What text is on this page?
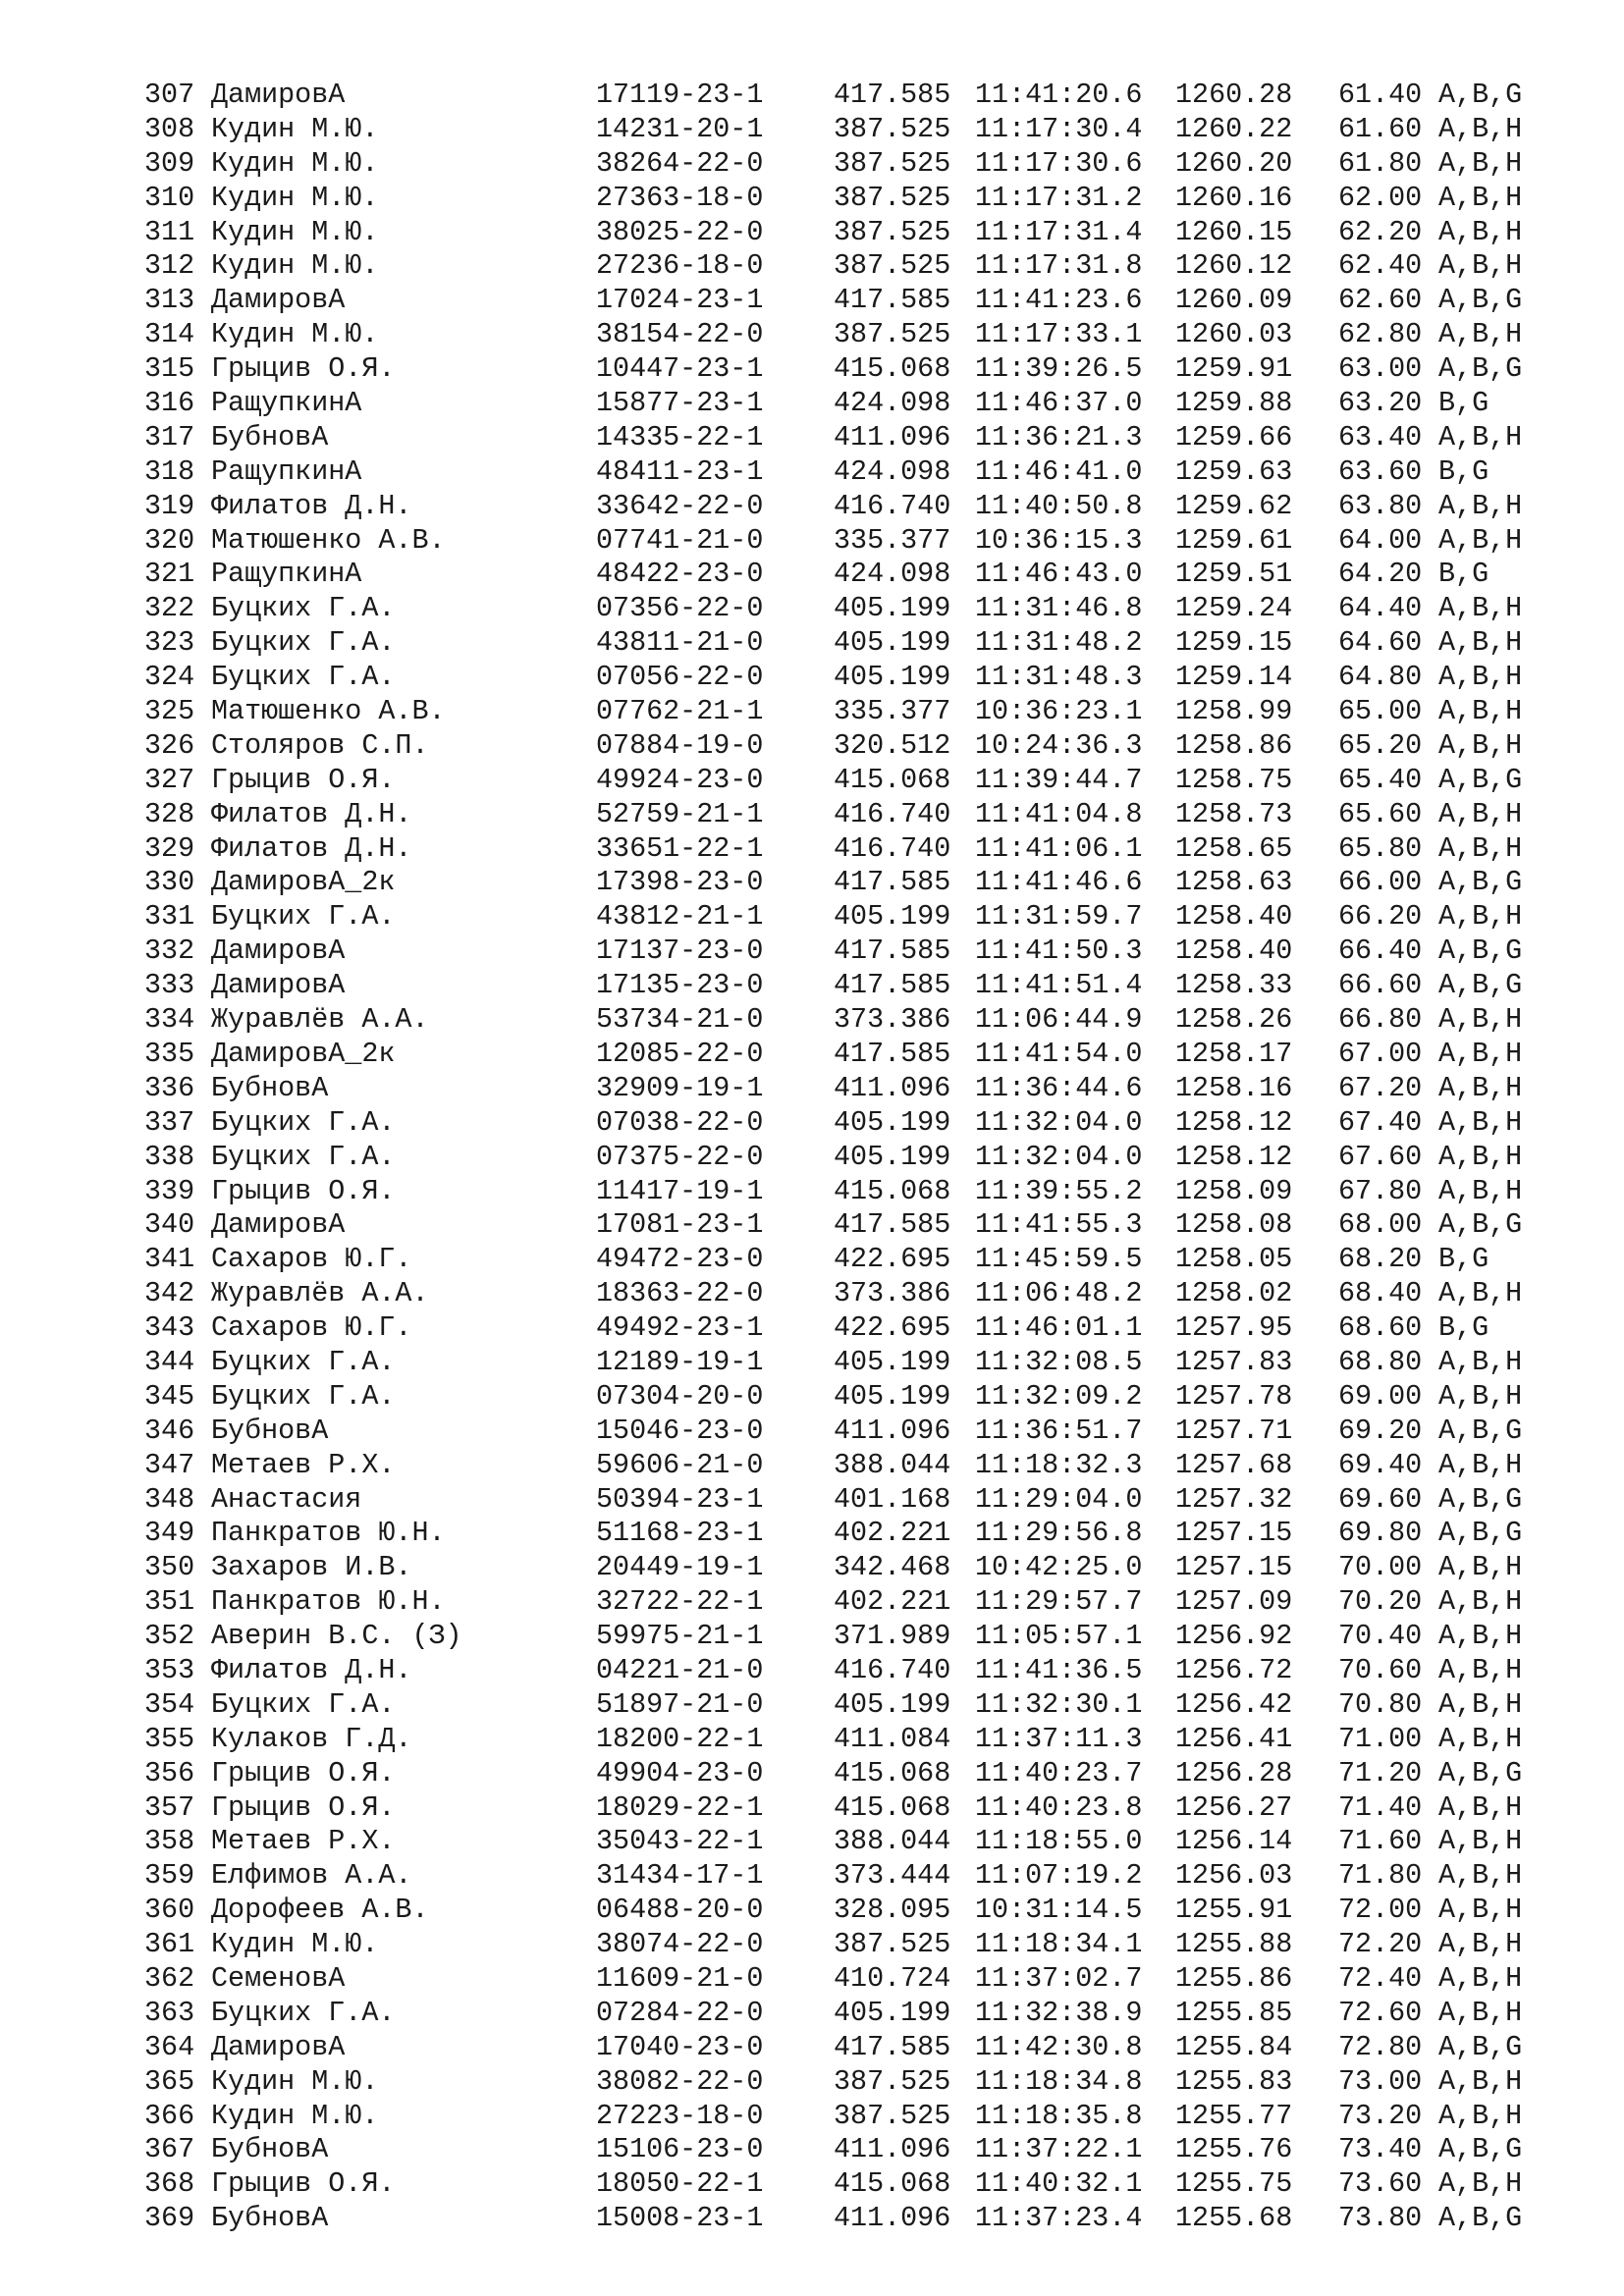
307 ДамировА	17119-23-1	417.585 11:41:20.6 1260.28 61.40 A,B,G
308 Кудин М.Ю.	14231-20-1	387.525 11:17:30.4 1260.22 61.60 A,B,H
309 Кудин М.Ю.	38264-22-0	387.525 11:17:30.6 1260.20 61.80 A,B,H
310 Кудин М.Ю.	27363-18-0	387.525 11:17:31.2 1260.16 62.00 A,B,H
311 Кудин М.Ю.	38025-22-0	387.525 11:17:31.4 1260.15 62.20 A,B,H
312 Кудин М.Ю.	27236-18-0	387.525 11:17:31.8 1260.12 62.40 A,B,H
313 ДамировА	17024-23-1	417.585 11:41:23.6 1260.09 62.60 A,B,G
314 Кудин М.Ю.	38154-22-0	387.525 11:17:33.1 1260.03 62.80 A,B,H
315 Грыцив О.Я.	10447-23-1	415.068 11:39:26.5 1259.91 63.00 A,B,G
316 РащупкинА	15877-23-1	424.098 11:46:37.0 1259.88 63.20 B,G
317 БубновА	14335-22-1	411.096 11:36:21.3 1259.66 63.40 A,B,H
318 РащупкинА	48411-23-1	424.098 11:46:41.0 1259.63 63.60 B,G
319 Филатов Д.Н.	33642-22-0	416.740 11:40:50.8 1259.62 63.80 A,B,H
320 Матюшенко А.В.	07741-21-0	335.377 10:36:15.3 1259.61 64.00 A,B,H
321 РащупкинА	48422-23-0	424.098 11:46:43.0 1259.51 64.20 B,G
322 Буцких Г.А.	07356-22-0	405.199 11:31:46.8 1259.24 64.40 A,B,H
323 Буцких Г.А.	43811-21-0	405.199 11:31:48.2 1259.15 64.60 A,B,H
324 Буцких Г.А.	07056-22-0	405.199 11:31:48.3 1259.14 64.80 A,B,H
325 Матюшенко А.В.	07762-21-1	335.377 10:36:23.1 1258.99 65.00 A,B,H
326 Столяров С.П.	07884-19-0	320.512 10:24:36.3 1258.86 65.20 A,B,H
327 Грыцив О.Я.	49924-23-0	415.068 11:39:44.7 1258.75 65.40 A,B,G
328 Филатов Д.Н.	52759-21-1	416.740 11:41:04.8 1258.73 65.60 A,B,H
329 Филатов Д.Н.	33651-22-1	416.740 11:41:06.1 1258.65 65.80 A,B,H
330 ДамировА_2к	17398-23-0	417.585 11:41:46.6 1258.63 66.00 A,B,G
331 Буцких Г.А.	43812-21-1	405.199 11:31:59.7 1258.40 66.20 A,B,H
332 ДамировА	17137-23-0	417.585 11:41:50.3 1258.40 66.40 A,B,G
333 ДамировА	17135-23-0	417.585 11:41:51.4 1258.33 66.60 A,B,G
334 Журавлёв А.А.	53734-21-0	373.386 11:06:44.9 1258.26 66.80 A,B,H
335 ДамировА_2к	12085-22-0	417.585 11:41:54.0 1258.17 67.00 A,B,H
336 БубновА	32909-19-1	411.096 11:36:44.6 1258.16 67.20 A,B,H
337 Буцких Г.А.	07038-22-0	405.199 11:32:04.0 1258.12 67.40 A,B,H
338 Буцких Г.А.	07375-22-0	405.199 11:32:04.0 1258.12 67.60 A,B,H
339 Грыцив О.Я.	11417-19-1	415.068 11:39:55.2 1258.09 67.80 A,B,H
340 ДамировА	17081-23-1	417.585 11:41:55.3 1258.08 68.00 A,B,G
341 Сахаров Ю.Г.	49472-23-0	422.695 11:45:59.5 1258.05 68.20 B,G
342 Журавлёв А.А.	18363-22-0	373.386 11:06:48.2 1258.02 68.40 A,B,H
343 Сахаров Ю.Г.	49492-23-1	422.695 11:46:01.1 1257.95 68.60 B,G
344 Буцких Г.А.	12189-19-1	405.199 11:32:08.5 1257.83 68.80 A,B,H
345 Буцких Г.А.	07304-20-0	405.199 11:32:09.2 1257.78 69.00 A,B,H
346 БубновА	15046-23-0	411.096 11:36:51.7 1257.71 69.20 A,B,G
347 Метаев Р.Х.	59606-21-0	388.044 11:18:32.3 1257.68 69.40 A,B,H
348 Анастасия	50394-23-1	401.168 11:29:04.0 1257.32 69.60 A,B,G
349 Панкратов Ю.Н.	51168-23-1	402.221 11:29:56.8 1257.15 69.80 A,B,G
350 Захаров И.В.	20449-19-1	342.468 10:42:25.0 1257.15 70.00 A,B,H
351 Панкратов Ю.Н.	32722-22-1	402.221 11:29:57.7 1257.09 70.20 A,B,H
352 Аверин В.С. (З)	59975-21-1	371.989 11:05:57.1 1256.92 70.40 A,B,H
353 Филатов Д.Н.	04221-21-0	416.740 11:41:36.5 1256.72 70.60 A,B,H
354 Буцких Г.А.	51897-21-0	405.199 11:32:30.1 1256.42 70.80 A,B,H
355 Кулаков Г.Д.	18200-22-1	411.084 11:37:11.3 1256.41 71.00 A,B,H
356 Грыцив О.Я.	49904-23-0	415.068 11:40:23.7 1256.28 71.20 A,B,G
357 Грыцив О.Я.	18029-22-1	415.068 11:40:23.8 1256.27 71.40 A,B,H
358 Метаев Р.Х.	35043-22-1	388.044 11:18:55.0 1256.14 71.60 A,B,H
359 Елфимов А.А.	31434-17-1	373.444 11:07:19.2 1256.03 71.80 A,B,H
360 Дорофеев А.В.	06488-20-0	328.095 10:31:14.5 1255.91 72.00 A,B,H
361 Кудин М.Ю.	38074-22-0	387.525 11:18:34.1 1255.88 72.20 A,B,H
362 СеменовА	11609-21-0	410.724 11:37:02.7 1255.86 72.40 A,B,H
363 Буцких Г.А.	07284-22-0	405.199 11:32:38.9 1255.85 72.60 A,B,H
364 ДамировА	17040-23-0	417.585 11:42:30.8 1255.84 72.80 A,B,G
365 Кудин М.Ю.	38082-22-0	387.525 11:18:34.8 1255.83 73.00 A,B,H
366 Кудин М.Ю.	27223-18-0	387.525 11:18:35.8 1255.77 73.20 A,B,H
367 БубновА	15106-23-0	411.096 11:37:22.1 1255.76 73.40 A,B,G
368 Грыцив О.Я.	18050-22-1	415.068 11:40:32.1 1255.75 73.60 A,B,H
369 БубновА	15008-23-1	411.096 11:37:23.4 1255.68 73.80 A,B,G
